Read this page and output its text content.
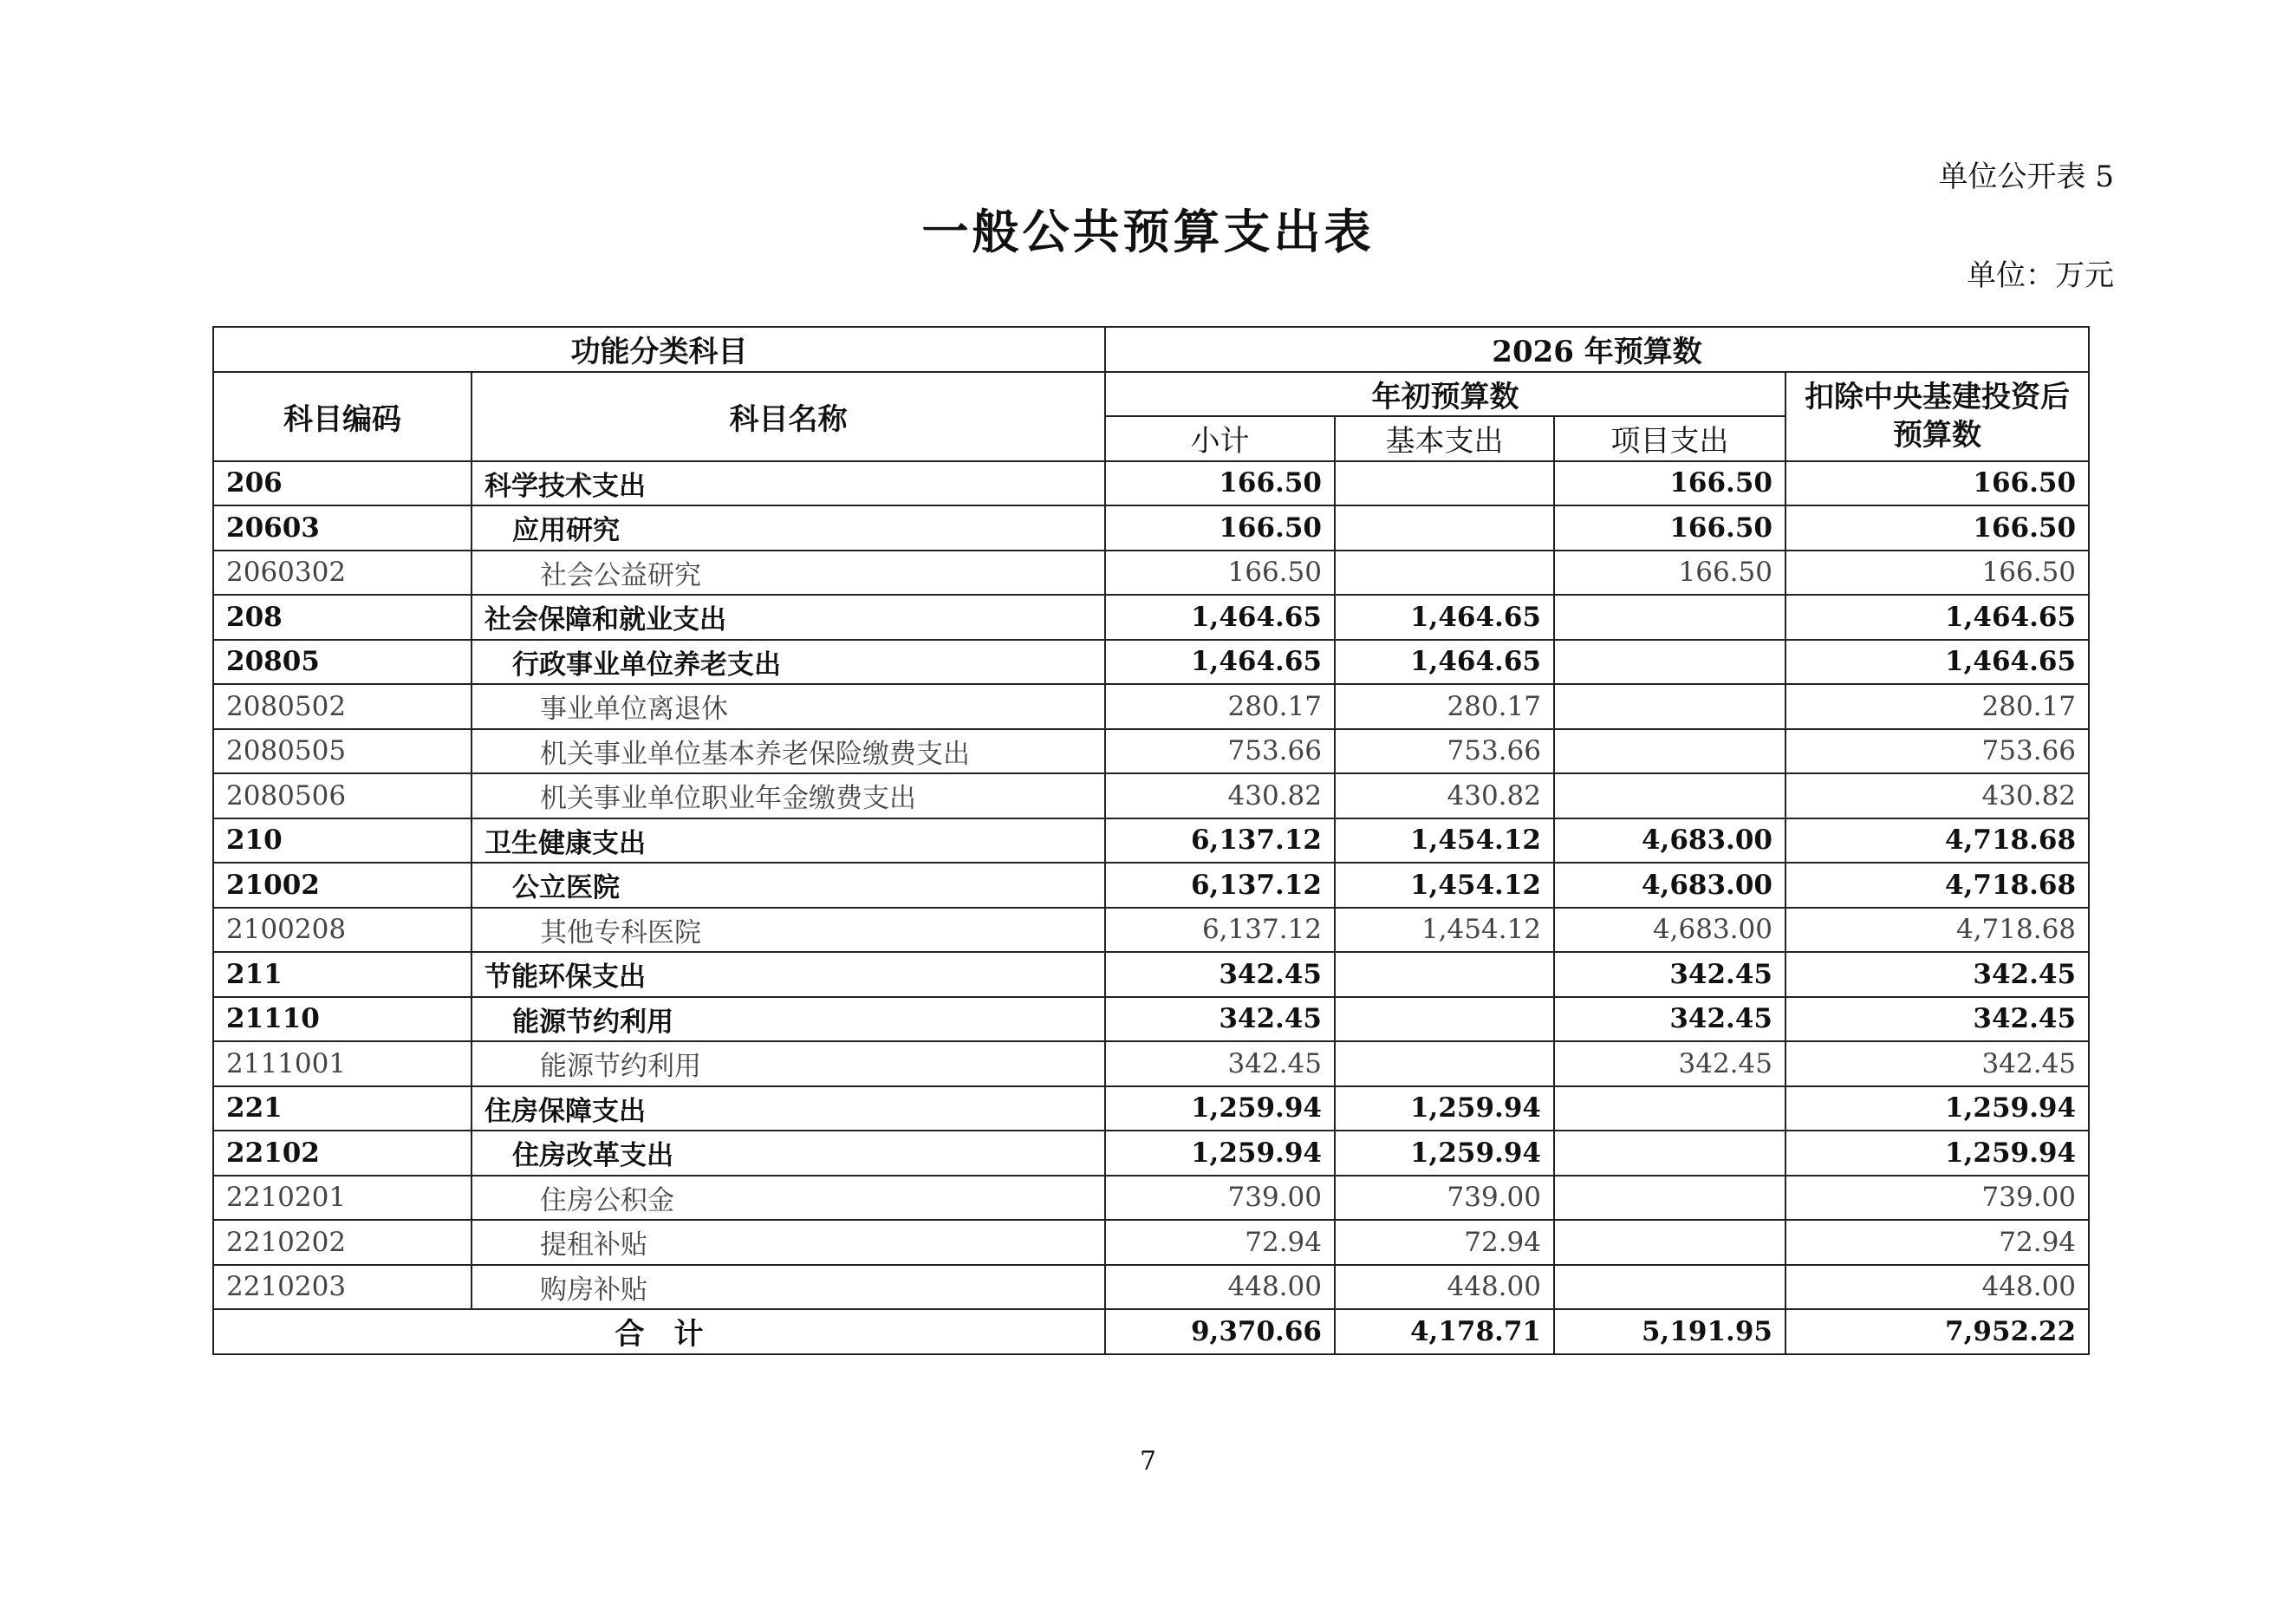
单位公开表 5
一般公共预算支出表
单位：万元
功能分类科目		2026 年预算数			
科目编码	科目名称	年初预算数			扣除中央基建投资后
预算数
		小计	基本支出	项目支出	
206	科学技术支出	166.50		166.50	166.50
20603	应用研究	166.50		166.50	166.50
2060302	社会公益研究	166.50		166.50	166.50
208	社会保障和就业支出	1,464.65	1,464.65		1,464.65
20805	行政事业单位养老支出	1,464.65	1,464.65		1,464.65
2080502	事业单位离退休	280.17	280.17		280.17
2080505	机关事业单位基本养老保险缴费支出	753.66	753.66		753.66
2080506	机关事业单位职业年金缴费支出	430.82	430.82		430.82
210	卫生健康支出	6,137.12	1,454.12	4,683.00	4,718.68
21002	公立医院	6,137.12	1,454.12	4,683.00	4,718.68
2100208	其他专科医院	6,137.12	1,454.12	4,683.00	4,718.68
211	节能环保支出	342.45		342.45	342.45
21110	能源节约利用	342.45		342.45	342.45
2111001	能源节约利用	342.45		342.45	342.45
221	住房保障支出	1,259.94	1,259.94		1,259.94
22102	住房改革支出	1,259.94	1,259.94		1,259.94
2210201	住房公积金	739.00	739.00		739.00
2210202	提租补贴	72.94	72.94		72.94
2210203	购房补贴	448.00	448.00		448.00
合　计		9,370.66	4,178.71	5,191.95	7,952.22
7
